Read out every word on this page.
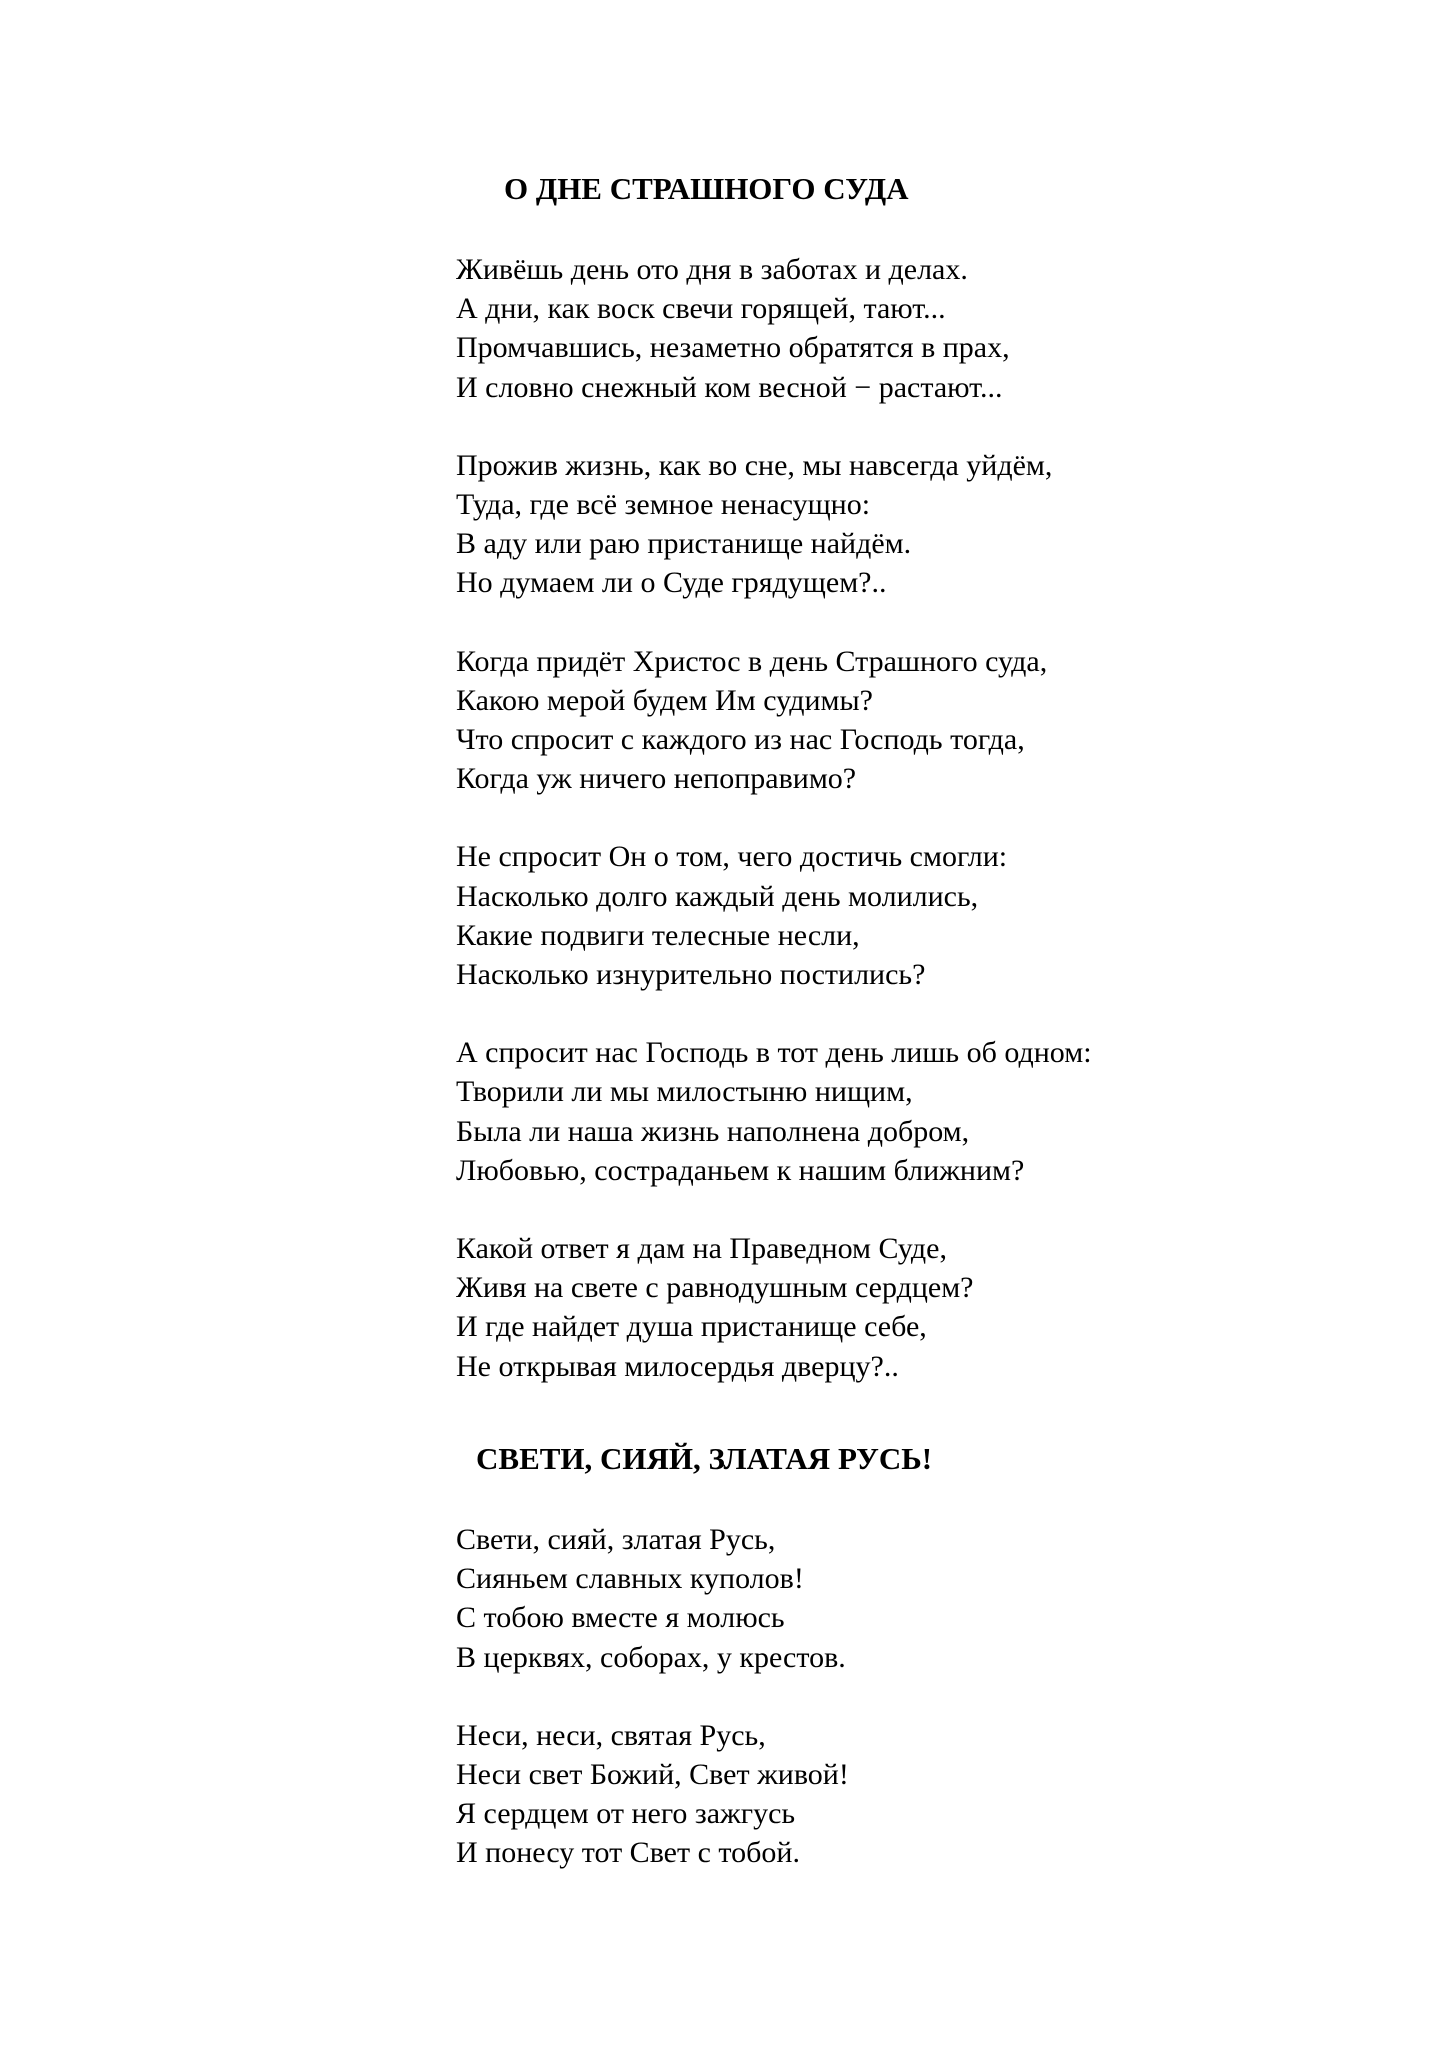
О ДНЕ СТРАШНОГО СУДА
Живёшь день ото дня в заботах и делах.
А дни, как воск свечи горящей, тают...
Промчавшись, незаметно обратятся в прах,
И словно снежный ком весной − растают...
Прожив жизнь, как во сне, мы навсегда уйдём,
Туда, где всё земное ненасущно:
В аду или раю пристанище найдём.
Но думаем ли о Суде грядущем?..
Когда придёт Христос в день Страшного суда,
Какою мерой будем Им судимы?
Что спросит с каждого из нас Господь тогда,
Когда уж ничего непоправимо?
Не спросит Он о том, чего достичь смогли:
Насколько долго каждый день молились,
Какие подвиги телесные несли,
Насколько изнурительно постились?
А спросит нас Господь в тот день лишь об одном:
Творили ли мы милостыню нищим,
Была ли наша жизнь наполнена добром,
Любовью, состраданьем к нашим ближним?
Какой ответ я дам на Праведном Суде,
Живя на свете с равнодушным сердцем?
И где найдет душа пристанище себе,
Не открывая милосердья дверцу?..
СВЕТИ, СИЯЙ, ЗЛАТАЯ РУСЬ!
Свети, сияй, златая Русь,
Сияньем славных куполов!
С тобою вместе я молюсь
В церквях, соборах, у крестов.
Неси, неси, святая Русь,
Неси свет Божий, Свет живой!
Я сердцем от него зажгусь
И понесу тот Свет с тобой.
